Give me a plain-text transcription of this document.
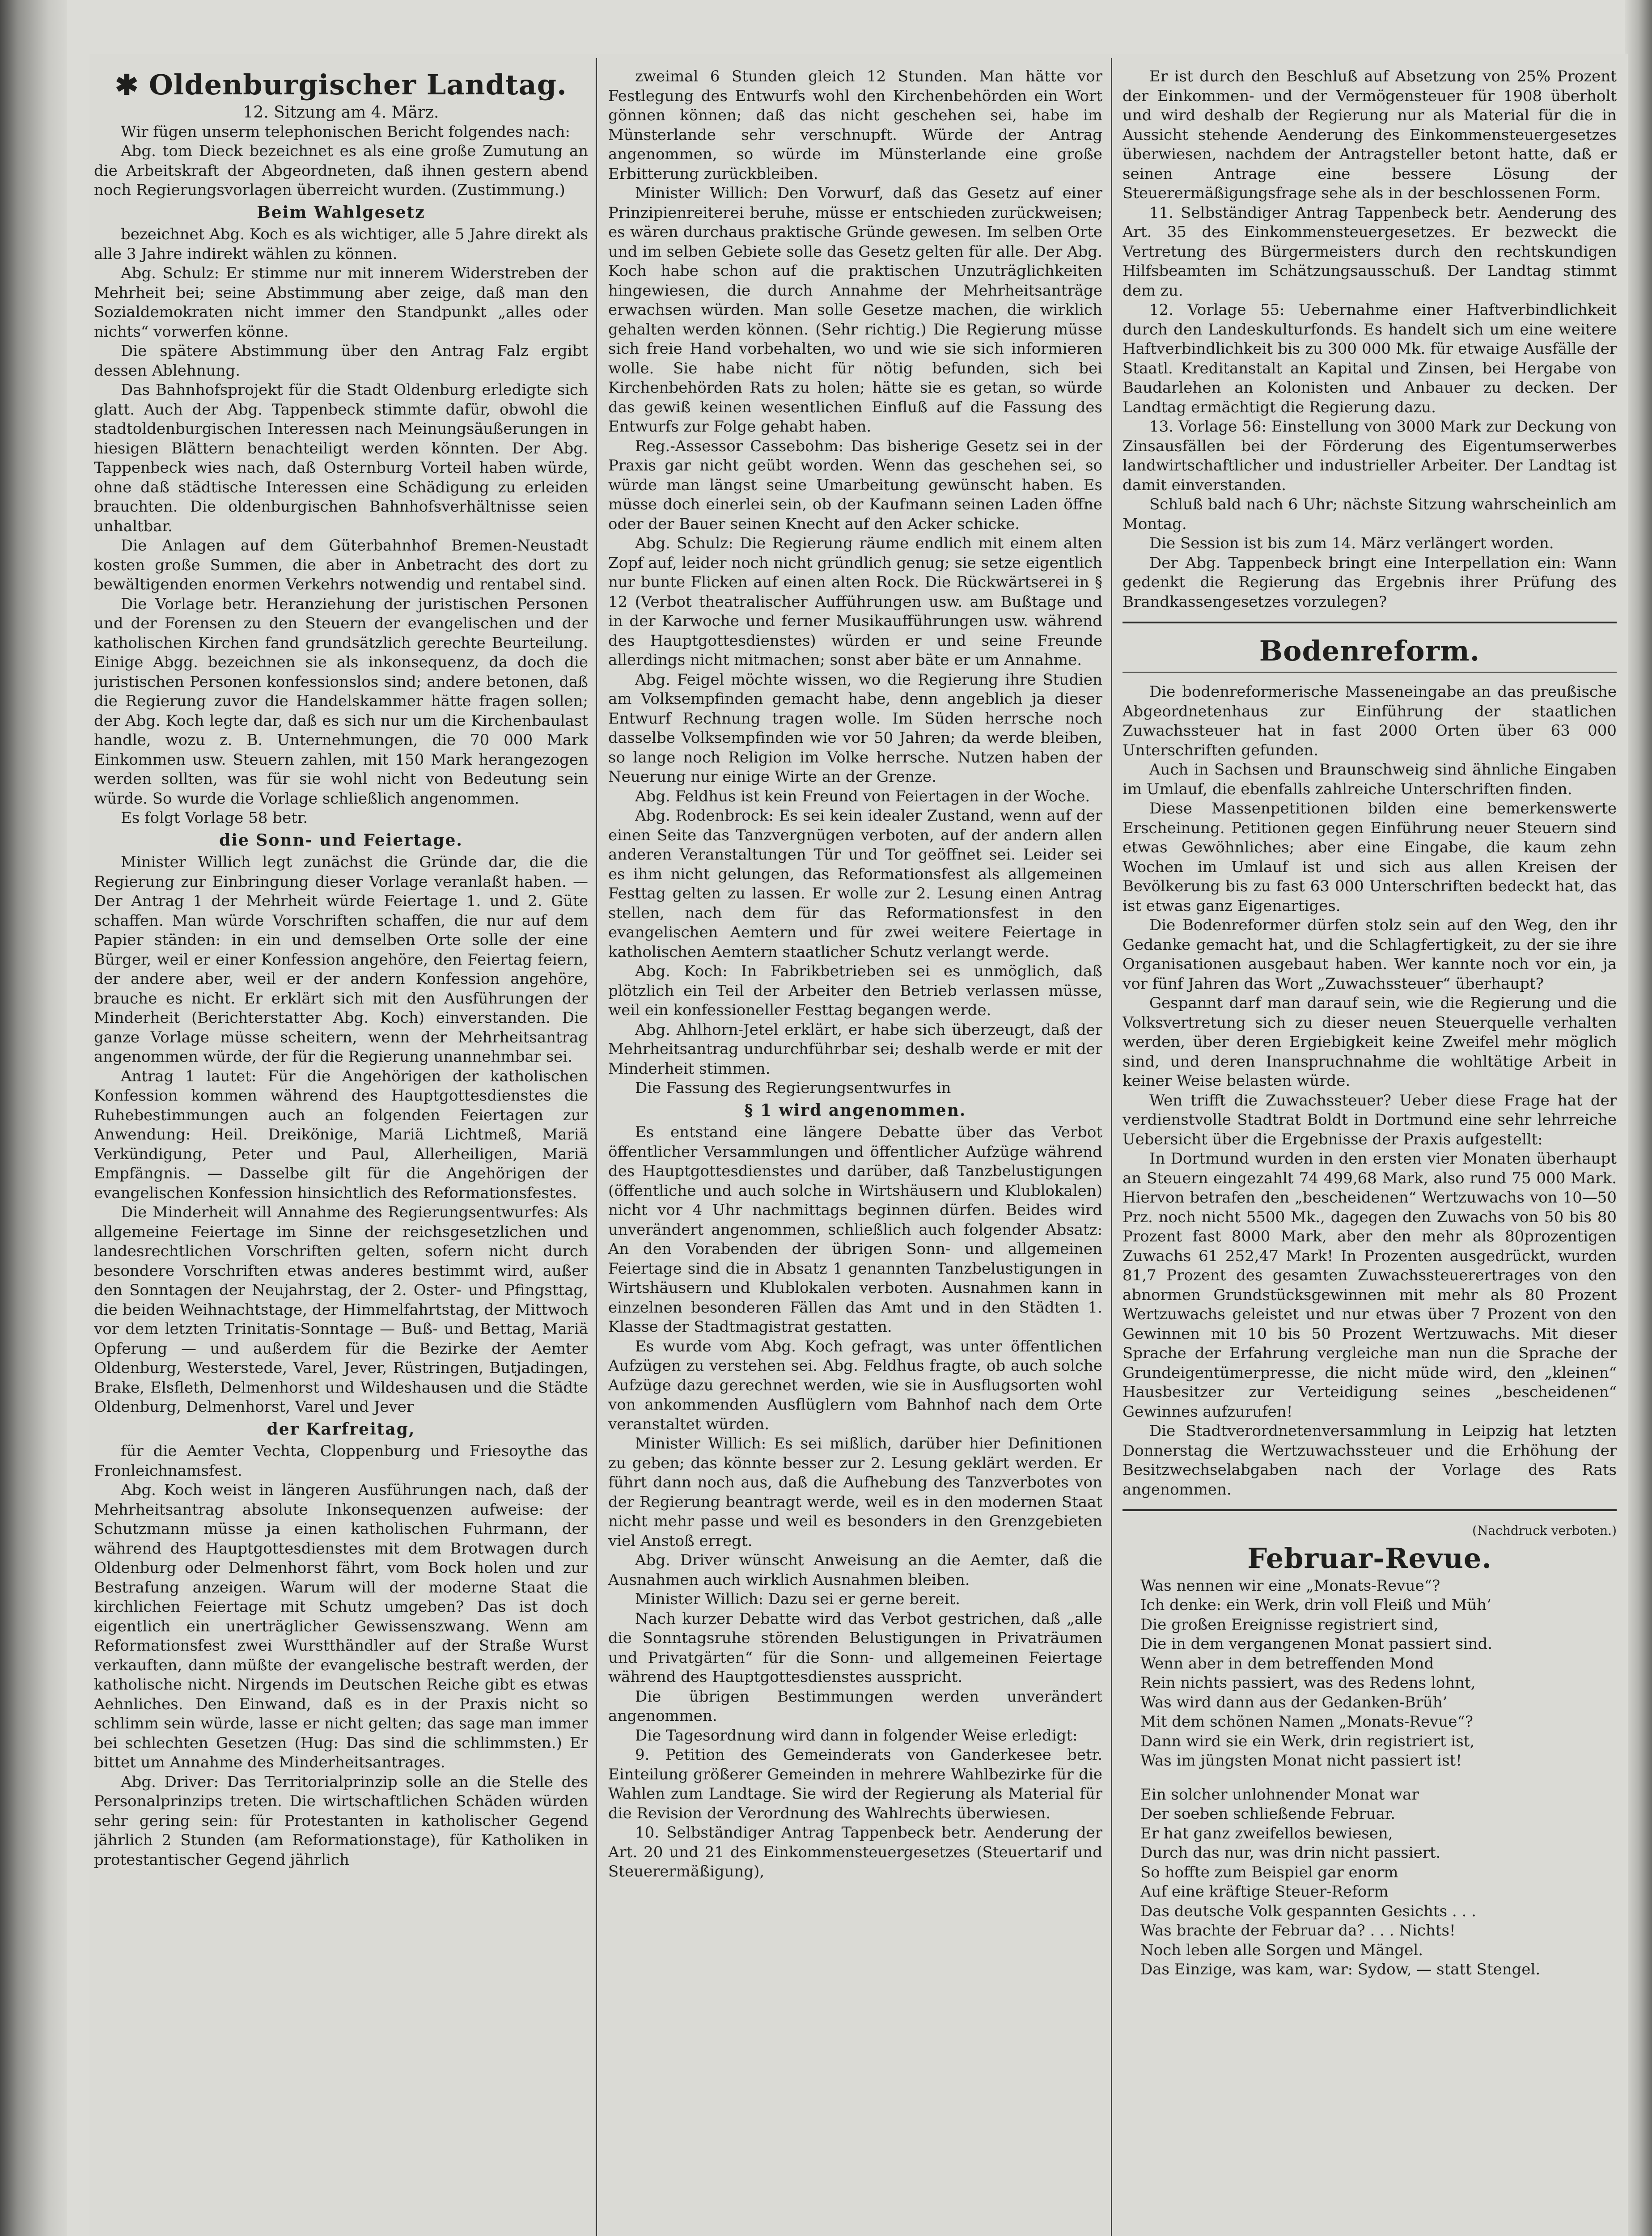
✱ Oldenburgischer Landtag.
12. Sitzung am 4. März.

Wir fügen unserm telephonischen Bericht folgendes nach:

Abg. tom Dieck bezeichnet es als eine große Zumutung an die Arbeitskraft der Abgeordneten, daß ihnen gestern abend noch Regierungsvorlagen überreicht wurden. (Zustimmung.)

Beim Wahlgesetz

bezeichnet Abg. Koch es als wichtiger, alle 5 Jahre direkt als alle 3 Jahre indirekt wählen zu können.

Abg. Schulz: Er stimme nur mit innerem Widerstreben der Mehrheit bei; seine Abstimmung aber zeige, daß man den Sozialdemokraten nicht immer den Standpunkt „alles oder nichts“ vorwerfen könne.

Die spätere Abstimmung über den Antrag Falz ergibt dessen Ablehnung.

Das Bahnhofsprojekt für die Stadt Oldenburg erledigte sich glatt. Auch der Abg. Tappenbeck stimmte dafür, obwohl die stadtoldenburgischen Interessen nach Meinungsäußerungen in hiesigen Blättern benachteiligt werden könnten. Der Abg. Tappenbeck wies nach, daß Osternburg Vorteil haben würde, ohne daß städtische Interessen eine Schädigung zu erleiden brauchten. Die oldenburgischen Bahnhofsverhältnisse seien unhaltbar.

Die Anlagen auf dem Güterbahnhof Bremen-Neustadt kosten große Summen, die aber in Anbetracht des dort zu bewältigenden enormen Verkehrs notwendig und rentabel sind.

Die Vorlage betr. Heranziehung der juristischen Personen und der Forensen zu den Steuern der evangelischen und der katholischen Kirchen fand grundsätzlich gerechte Beurteilung. Einige Abgg. bezeichnen sie als inkonsequenz, da doch die juristischen Personen konfessionslos sind; andere betonen, daß die Regierung zuvor die Handelskammer hätte fragen sollen; der Abg. Koch legte dar, daß es sich nur um die Kirchenbaulast handle, wozu z. B. Unternehmungen, die 70 000 Mark Einkommen usw. Steuern zahlen, mit 150 Mark herangezogen werden sollten, was für sie wohl nicht von Bedeutung sein würde. So wurde die Vorlage schließlich angenommen.

Es folgt Vorlage 58 betr.

die Sonn- und Feiertage.

Minister Willich legt zunächst die Gründe dar, die die Regierung zur Einbringung dieser Vorlage veranlaßt haben. — Der Antrag 1 der Mehrheit würde Feiertage 1. und 2. Güte schaffen. Man würde Vorschriften schaffen, die nur auf dem Papier ständen: in ein und demselben Orte solle der eine Bürger, weil er einer Konfession angehöre, den Feiertag feiern, der andere aber, weil er der andern Konfession angehöre, brauche es nicht. Er erklärt sich mit den Ausführungen der Minderheit (Berichterstatter Abg. Koch) einverstanden. Die ganze Vorlage müsse scheitern, wenn der Mehrheitsantrag angenommen würde, der für die Regierung unannehmbar sei.

Antrag 1 lautet: Für die Angehörigen der katholischen Konfession kommen während des Hauptgottesdienstes die Ruhebestimmungen auch an folgenden Feiertagen zur Anwendung: Heil. Dreikönige, Mariä Lichtmeß, Mariä Verkündigung, Peter und Paul, Allerheiligen, Mariä Empfängnis. — Dasselbe gilt für die Angehörigen der evangelischen Konfession hinsichtlich des Reformationsfestes.

Die Minderheit will Annahme des Regierungsentwurfes: Als allgemeine Feiertage im Sinne der reichsgesetzlichen und landesrechtlichen Vorschriften gelten, sofern nicht durch besondere Vorschriften etwas anderes bestimmt wird, außer den Sonntagen der Neujahrstag, der 2. Oster- und Pfingsttag, die beiden Weihnachtstage, der Himmelfahrtstag, der Mittwoch vor dem letzten Trinitatis-Sonntage — Buß- und Bettag, Mariä Opferung — und außerdem für die Bezirke der Aemter Oldenburg, Westerstede, Varel, Jever, Rüstringen, Butjadingen, Brake, Elsfleth, Delmenhorst und Wildeshausen und die Städte Oldenburg, Delmenhorst, Varel und Jever

der Karfreitag,

für die Aemter Vechta, Cloppenburg und Friesoythe das Fronleichnamsfest.

Abg. Koch weist in längeren Ausführungen nach, daß der Mehrheitsantrag absolute Inkonsequenzen aufweise: der Schutzmann müsse ja einen katholischen Fuhrmann, der während des Hauptgottesdienstes mit dem Brotwagen durch Oldenburg oder Delmenhorst fährt, vom Bock holen und zur Bestrafung anzeigen. Warum will der moderne Staat die kirchlichen Feiertage mit Schutz umgeben? Das ist doch eigentlich ein unerträglicher Gewissenszwang. Wenn am Reformationsfest zwei Wurstthändler auf der Straße Wurst verkauften, dann müßte der evangelische bestraft werden, der katholische nicht. Nirgends im Deutschen Reiche gibt es etwas Aehnliches. Den Einwand, daß es in der Praxis nicht so schlimm sein würde, lasse er nicht gelten; das sage man immer bei schlechten Gesetzen (Hug: Das sind die schlimmsten.) Er bittet um Annahme des Minderheitsantrages.

Abg. Driver: Das Territorialprinzip solle an die Stelle des Personalprinzips treten. Die wirtschaftlichen Schäden würden sehr gering sein: für Protestanten in katholischer Gegend jährlich 2 Stunden (am Reformationstage), für Katholiken in protestantischer Gegend jährlich

zweimal 6 Stunden gleich 12 Stunden. Man hätte vor Festlegung des Entwurfs wohl den Kirchenbehörden ein Wort gönnen können; daß das nicht geschehen sei, habe im Münsterlande sehr verschnupft. Würde der Antrag angenommen, so würde im Münsterlande eine große Erbitterung zurückbleiben.

Minister Willich: Den Vorwurf, daß das Gesetz auf einer Prinzipienreiterei beruhe, müsse er entschieden zurückweisen; es wären durchaus praktische Gründe gewesen. Im selben Orte und im selben Gebiete solle das Gesetz gelten für alle. Der Abg. Koch habe schon auf die praktischen Unzuträglichkeiten hingewiesen, die durch Annahme der Mehrheitsanträge erwachsen würden. Man solle Gesetze machen, die wirklich gehalten werden können. (Sehr richtig.) Die Regierung müsse sich freie Hand vorbehalten, wo und wie sie sich informieren wolle. Sie habe nicht für nötig befunden, sich bei Kirchenbehörden Rats zu holen; hätte sie es getan, so würde das gewiß keinen wesentlichen Einfluß auf die Fassung des Entwurfs zur Folge gehabt haben.

Reg.-Assessor Cassebohm: Das bisherige Gesetz sei in der Praxis gar nicht geübt worden. Wenn das geschehen sei, so würde man längst seine Umarbeitung gewünscht haben. Es müsse doch einerlei sein, ob der Kaufmann seinen Laden öffne oder der Bauer seinen Knecht auf den Acker schicke.

Abg. Schulz: Die Regierung räume endlich mit einem alten Zopf auf, leider noch nicht gründlich genug; sie setze eigentlich nur bunte Flicken auf einen alten Rock. Die Rückwärtserei in § 12 (Verbot theatralischer Aufführungen usw. am Bußtage und in der Karwoche und ferner Musikaufführungen usw. während des Hauptgottesdienstes) würden er und seine Freunde allerdings nicht mitmachen; sonst aber bäte er um Annahme.

Abg. Feigel möchte wissen, wo die Regierung ihre Studien am Volksempfinden gemacht habe, denn angeblich ja dieser Entwurf Rechnung tragen wolle. Im Süden herrsche noch dasselbe Volksempfinden wie vor 50 Jahren; da werde bleiben, so lange noch Religion im Volke herrsche. Nutzen haben der Neuerung nur einige Wirte an der Grenze.

Abg. Feldhus ist kein Freund von Feiertagen in der Woche.

Abg. Rodenbrock: Es sei kein idealer Zustand, wenn auf der einen Seite das Tanzvergnügen verboten, auf der andern allen anderen Veranstaltungen Tür und Tor geöffnet sei. Leider sei es ihm nicht gelungen, das Reformationsfest als allgemeinen Festtag gelten zu lassen. Er wolle zur 2. Lesung einen Antrag stellen, nach dem für das Reformationsfest in den evangelischen Aemtern und für zwei weitere Feiertage in katholischen Aemtern staatlicher Schutz verlangt werde.

Abg. Koch: In Fabrikbetrieben sei es unmöglich, daß plötzlich ein Teil der Arbeiter den Betrieb verlassen müsse, weil ein konfessioneller Festtag begangen werde.

Abg. Ahlhorn-Jetel erklärt, er habe sich überzeugt, daß der Mehrheitsantrag undurchführbar sei; deshalb werde er mit der Minderheit stimmen.

Die Fassung des Regierungsentwurfes in

§ 1 wird angenommen.

Es entstand eine längere Debatte über das Verbot öffentlicher Versammlungen und öffentlicher Aufzüge während des Hauptgottesdienstes und darüber, daß Tanzbelustigungen (öffentliche und auch solche in Wirtshäusern und Klublokalen) nicht vor 4 Uhr nachmittags beginnen dürfen. Beides wird unverändert angenommen, schließlich auch folgender Absatz: An den Vorabenden der übrigen Sonn- und allgemeinen Feiertage sind die in Absatz 1 genannten Tanzbelustigungen in Wirtshäusern und Klublokalen verboten. Ausnahmen kann in einzelnen besonderen Fällen das Amt und in den Städten 1. Klasse der Stadtmagistrat gestatten.

Es wurde vom Abg. Koch gefragt, was unter öffentlichen Aufzügen zu verstehen sei. Abg. Feldhus fragte, ob auch solche Aufzüge dazu gerechnet werden, wie sie in Ausflugsorten wohl von ankommenden Ausflüglern vom Bahnhof nach dem Orte veranstaltet würden.

Minister Willich: Es sei mißlich, darüber hier Definitionen zu geben; das könnte besser zur 2. Lesung geklärt werden. Er führt dann noch aus, daß die Aufhebung des Tanzverbotes von der Regierung beantragt werde, weil es in den modernen Staat nicht mehr passe und weil es besonders in den Grenzgebieten viel Anstoß erregt.

Abg. Driver wünscht Anweisung an die Aemter, daß die Ausnahmen auch wirklich Ausnahmen bleiben.

Minister Willich: Dazu sei er gerne bereit.

Nach kurzer Debatte wird das Verbot gestrichen, daß „alle die Sonntagsruhe störenden Belustigungen in Privaträumen und Privatgärten“ für die Sonn- und allgemeinen Feiertage während des Hauptgottesdienstes ausspricht.

Die übrigen Bestimmungen werden unverändert angenommen.

Die Tagesordnung wird dann in folgender Weise erledigt:

9. Petition des Gemeinderats von Ganderkesee betr. Einteilung größerer Gemeinden in mehrere Wahlbezirke für die Wahlen zum Landtage. Sie wird der Regierung als Material für die Revision der Verordnung des Wahlrechts überwiesen.

10. Selbständiger Antrag Tappenbeck betr. Aenderung der Art. 20 und 21 des Einkommensteuergesetzes (Steuertarif und Steuerermäßigung),

Er ist durch den Beschluß auf Absetzung von 25% Prozent der Einkommen- und der Vermögensteuer für 1908 überholt und wird deshalb der Regierung nur als Material für die in Aussicht stehende Aenderung des Einkommensteuergesetzes überwiesen, nachdem der Antragsteller betont hatte, daß er seinen Antrage eine bessere Lösung der Steuerermäßigungsfrage sehe als in der beschlossenen Form.

11. Selbständiger Antrag Tappenbeck betr. Aenderung des Art. 35 des Einkommensteuergesetzes. Er bezweckt die Vertretung des Bürgermeisters durch den rechtskundigen Hilfsbeamten im Schätzungsausschuß. Der Landtag stimmt dem zu.

12. Vorlage 55: Uebernahme einer Haftverbindlichkeit durch den Landeskulturfonds. Es handelt sich um eine weitere Haftverbindlichkeit bis zu 300 000 Mk. für etwaige Ausfälle der Staatl. Kreditanstalt an Kapital und Zinsen, bei Hergabe von Baudarlehen an Kolonisten und Anbauer zu decken. Der Landtag ermächtigt die Regierung dazu.

13. Vorlage 56: Einstellung von 3000 Mark zur Deckung von Zinsausfällen bei der Förderung des Eigentumserwerbes landwirtschaftlicher und industrieller Arbeiter. Der Landtag ist damit einverstanden.

Schluß bald nach 6 Uhr; nächste Sitzung wahrscheinlich am Montag.

Die Session ist bis zum 14. März verlängert worden.

Der Abg. Tappenbeck bringt eine Interpellation ein: Wann gedenkt die Regierung das Ergebnis ihrer Prüfung des Brandkassengesetzes vorzulegen?

Bodenreform.

Die bodenreformerische Masseneingabe an das preußische Abgeordnetenhaus zur Einführung der staatlichen Zuwachssteuer hat in fast 2000 Orten über 63 000 Unterschriften gefunden.

Auch in Sachsen und Braunschweig sind ähnliche Eingaben im Umlauf, die ebenfalls zahlreiche Unterschriften finden.

Diese Massenpetitionen bilden eine bemerkenswerte Erscheinung. Petitionen gegen Einführung neuer Steuern sind etwas Gewöhnliches; aber eine Eingabe, die kaum zehn Wochen im Umlauf ist und sich aus allen Kreisen der Bevölkerung bis zu fast 63 000 Unterschriften bedeckt hat, das ist etwas ganz Eigenartiges.

Die Bodenreformer dürfen stolz sein auf den Weg, den ihr Gedanke gemacht hat, und die Schlagfertigkeit, zu der sie ihre Organisationen ausgebaut haben. Wer kannte noch vor ein, ja vor fünf Jahren das Wort „Zuwachssteuer“ überhaupt?

Gespannt darf man darauf sein, wie die Regierung und die Volksvertretung sich zu dieser neuen Steuerquelle verhalten werden, über deren Ergiebigkeit keine Zweifel mehr möglich sind, und deren Inanspruchnahme die wohltätige Arbeit in keiner Weise belasten würde.

Wen trifft die Zuwachssteuer? Ueber diese Frage hat der verdienstvolle Stadtrat Boldt in Dortmund eine sehr lehrreiche Uebersicht über die Ergebnisse der Praxis aufgestellt:

In Dortmund wurden in den ersten vier Monaten überhaupt an Steuern eingezahlt 74 499,68 Mark, also rund 75 000 Mark. Hiervon betrafen den „bescheidenen“ Wertzuwachs von 10—50 Prz. noch nicht 5500 Mk., dagegen den Zuwachs von 50 bis 80 Prozent fast 8000 Mark, aber den mehr als 80prozentigen Zuwachs 61 252,47 Mark! In Prozenten ausgedrückt, wurden 81,7 Prozent des gesamten Zuwachssteuerertrages von den abnormen Grundstücksgewinnen mit mehr als 80 Prozent Wertzuwachs geleistet und nur etwas über 7 Prozent von den Gewinnen mit 10 bis 50 Prozent Wertzuwachs. Mit dieser Sprache der Erfahrung vergleiche man nun die Sprache der Grundeigentümerpresse, die nicht müde wird, den „kleinen“ Hausbesitzer zur Verteidigung seines „bescheidenen“ Gewinnes aufzurufen!

Die Stadtverordnetenversammlung in Leipzig hat letzten Donnerstag die Wertzuwachssteuer und die Erhöhung der Besitzwechselabgaben nach der Vorlage des Rats angenommen.

(Nachdruck verboten.)
Februar-Revue.

Was nennen wir eine „Monats-Revue“?

Ich denke: ein Werk, drin voll Fleiß und Müh’

Die großen Ereignisse registriert sind,

Die in dem vergangenen Monat passiert sind.

Wenn aber in dem betreffenden Mond

Rein nichts passiert, was des Redens lohnt,

Was wird dann aus der Gedanken-Brüh’

Mit dem schönen Namen „Monats-Revue“?

Dann wird sie ein Werk, drin registriert ist,

Was im jüngsten Monat nicht passiert ist!

Ein solcher unlohnender Monat war

Der soeben schließende Februar.

Er hat ganz zweifellos bewiesen,

Durch das nur, was drin nicht passiert.

So hoffte zum Beispiel gar enorm

Auf eine kräftige Steuer-Reform

Das deutsche Volk gespannten Gesichts . . .

Was brachte der Februar da? . . . Nichts!

Noch leben alle Sorgen und Mängel.

Das Einzige, was kam, war: Sydow, — statt Stengel.
